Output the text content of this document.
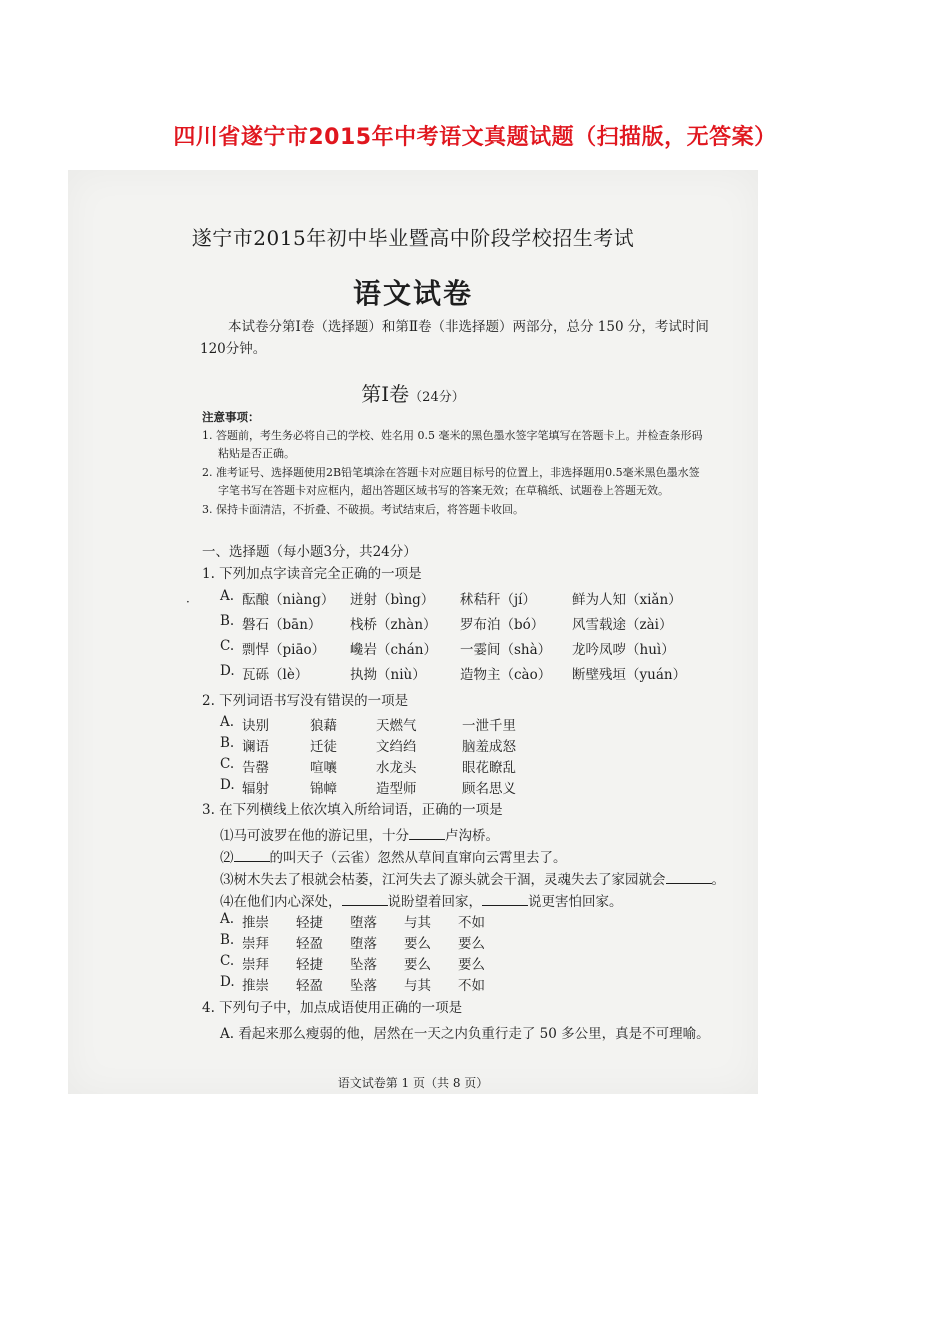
四川省遂宁市2015年中考语文真题试题（扫描版，无答案）
遂宁市2015年初中毕业暨高中阶段学校招生考试
语文试卷
本试卷分第Ⅰ卷（选择题）和第Ⅱ卷（非选择题）两部分，总分 150 分，考试时间
120分钟。
第Ⅰ卷（24分）
注意事项：
1. 答题前，考生务必将自己的学校、姓名用 0.5 毫米的黑色墨水签字笔填写在答题卡上。并检查条形码
粘贴是否正确。
2. 准考证号、选择题使用2B铅笔填涂在答题卡对应题目标号的位置上，非选择题用0.5毫米黑色墨水签
字笔书写在答题卡对应框内，超出答题区域书写的答案无效；在草稿纸、试题卷上答题无效。
3. 保持卡面清洁，不折叠、不破损。考试结束后，将答题卡收回。
一、选择题（每小题3分，共24分）
1. 下列加点字读音完全正确的一项是
· A. 酝酿（niàng） 迸射（bìng） 秫秸秆（jí）	鲜为人知（xiǎn）
B. 磐石（bān） 栈桥（zhàn） 罗布泊（bó） 风雪载途（zài）
C. 剽悍（piāo） 巉岩（chán） 一霎间（shà） 龙吟凤哕（huì）
D. 瓦砾（lè）	执拗（niù）	造物主（cào） 断壁残垣（yuán）
2. 下列词语书写没有错误的一项是
A. 诀别	狼藉	天燃气	一泄千里
B. 谰语	迁徒	文绉绉	脑羞成怒
C. 告罄	喧嚷	水龙头	眼花瞭乱
D. 辐射	锦幛	造型师	顾名思义
3. 在下列横线上依次填入所给词语，正确的一项是
⑴马可波罗在他的游记里，十分	卢沟桥。
⑵	的叫天子（云雀）忽然从草间直窜向云霄里去了。
⑶树木失去了根就会枯萎，江河失去了源头就会干涸，灵魂失去了家园就会	。
⑷在他们内心深处，	说盼望着回家，	说更害怕回家。
A. 推崇 轻捷 堕落 与其 不如
B. 崇拜 轻盈 堕落 要么 要么
C. 崇拜 轻捷 坠落 要么 要么
D. 推崇 轻盈 坠落 与其 不如
4. 下列句子中，加点成语使用正确的一项是
A. 看起来那么瘦弱的他，居然在一天之内负重行走了 50 多公里，真是不可理喻。
语文试卷第 1 页（共 8 页）
